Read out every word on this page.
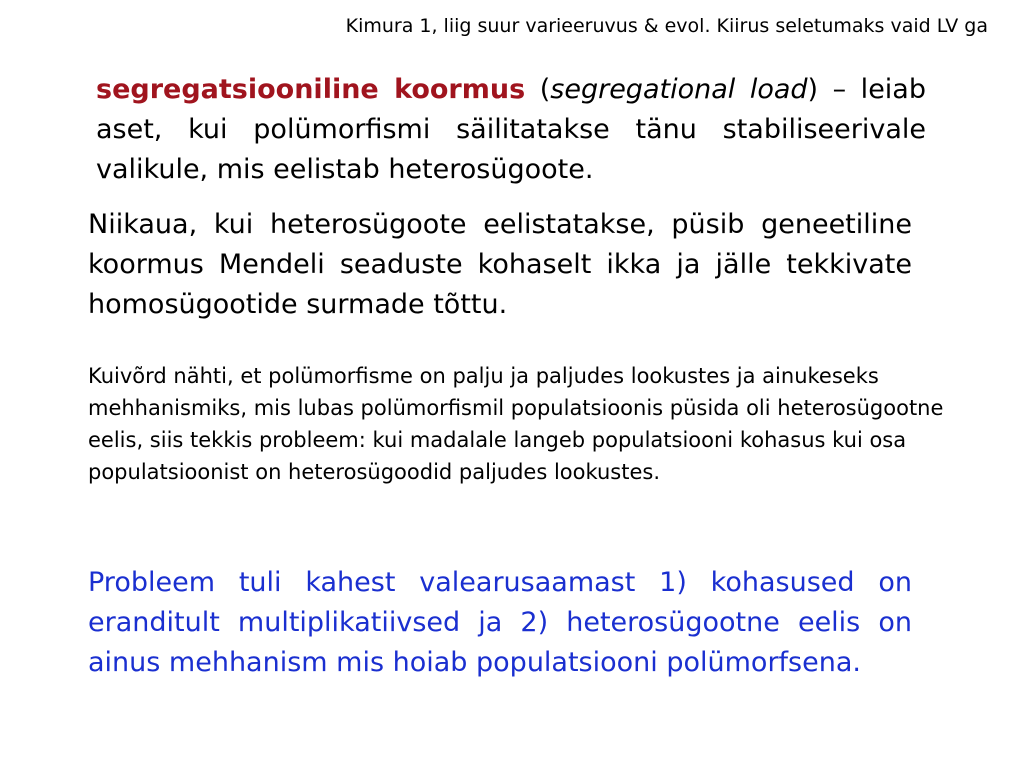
Kimura 1, liig suur varieeruvus & evol. Kiirus seletumaks vaid LV ga

segregatsiooniline koormus (segregational load) – leiab aset, kui polümorfismi säilitatakse tänu stabiliseerivale valikule, mis eelistab heterosügoote.

Niikaua, kui heterosügoote eelistatakse, püsib geneetiline koormus Mendeli seaduste kohaselt ikka ja jälle tekkivate homosügootide surmade tõttu.

Kuivõrd nähti, et polümorfisme on palju ja paljudes lookustes ja ainukeseks mehhanismiks, mis lubas polümorfismil populatsioonis püsida oli heterosügootne eelis, siis tekkis probleem: kui madalale langeb populatsiooni kohasus kui osa populatsioonist on heterosügoodid paljudes lookustes.

Probleem tuli kahest valearusaamast 1) kohasused on eranditult multiplikatiivsed ja 2) heterosügootne eelis on ainus mehhanism mis hoiab populatsiooni polümorfsena.
